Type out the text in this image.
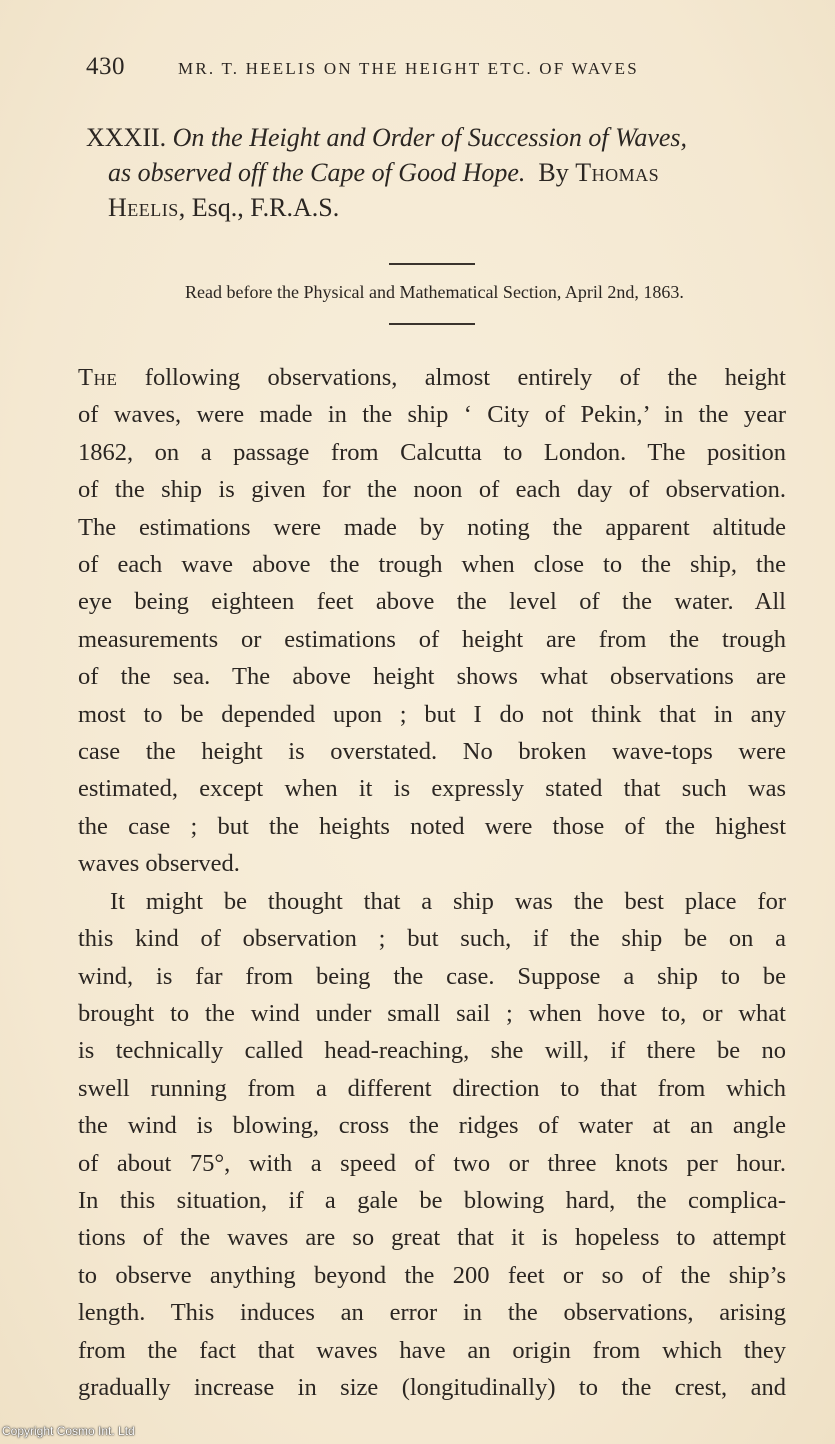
430	MR. T. HEELIS ON THE HEIGHT ETC. OF WAVES
XXXII. On the Height and Order of Succession of Waves,
as observed off the Cape of Good Hope. By Thomas
Heelis, Esq., F.R.A.S.
Read before the Physical and Mathematical Section, April 2nd, 1863.
The following observations, almost entirely of the height
of waves, were made in the ship ‘ City of Pekin,’ in the year
1862, on a passage from Calcutta to London. The position
of the ship is given for the noon of each day of observation.
The estimations were made by noting the apparent altitude
of each wave above the trough when close to the ship, the
eye being eighteen feet above the level of the water. All
measurements or estimations of height are from the trough
of the sea. The above height shows what observations are
most to be depended upon ; but I do not think that in any
case the height is overstated. No broken wave-tops were
estimated, except when it is expressly stated that such was
the case ; but the heights noted were those of the highest
waves observed.
It might be thought that a ship was the best place for
this kind of observation ; but such, if the ship be on a
wind, is far from being the case. Suppose a ship to be
brought to the wind under small sail ; when hove to, or what
is technically called head-reaching, she will, if there be no
swell running from a different direction to that from which
the wind is blowing, cross the ridges of water at an angle
of about 75°, with a speed of two or three knots per hour.
In this situation, if a gale be blowing hard, the complica-
tions of the waves are so great that it is hopeless to attempt
to observe anything beyond the 200 feet or so of the ship’s
length. This induces an error in the observations, arising
from the fact that waves have an origin from which they
gradually increase in size (longitudinally) to the crest, and
Copyright Cosmo Int. Ltd
